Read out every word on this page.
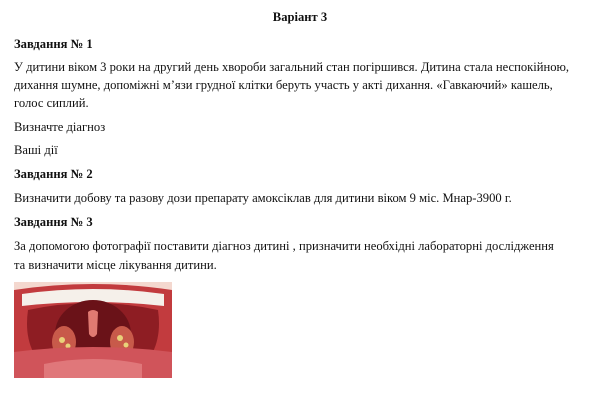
Варіант 3
Завдання № 1
У дитини віком 3 роки на другий день хвороби загальний стан погіршився. Дитина стала неспокійною,
дихання шумне, допоміжні м’язи грудної клітки беруть участь у акті дихання. «Гавкаючий» кашель,
голос сиплий.
Визначте діагноз
Ваші дії
Завдання № 2
Визначити добову та разову дози препарату амоксіклав для дитини віком 9 міс. Мнар-3900 г.
Завдання № 3
За допомогою фотографії поставити діагноз дитині , призначити необхідні лабораторні дослідження
та визначити місце лікування дитини.
